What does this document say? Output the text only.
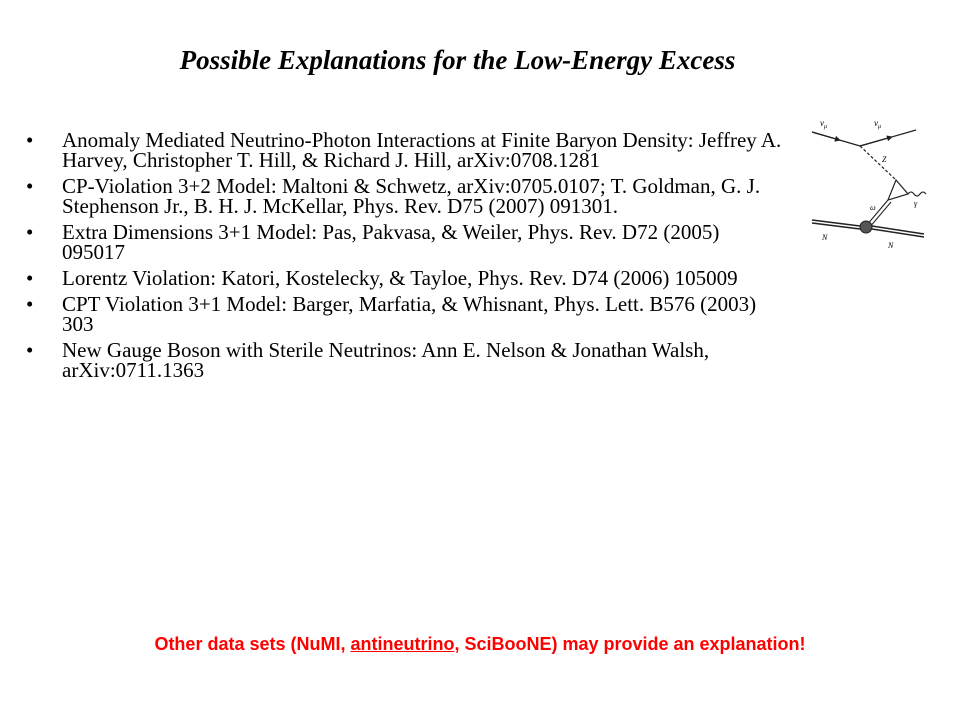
Possible Explanations for the Low-Energy Excess
•	Anomaly Mediated Neutrino-Photon Interactions at Finite Baryon Density: Jeffrey A. Harvey, Christopher T. Hill, & Richard J. Hill, arXiv:0708.1281
•	CP-Violation 3+2 Model: Maltoni & Schwetz, arXiv:0705.0107; T. Goldman, G. J. Stephenson Jr., B. H. J. McKellar, Phys. Rev. D75 (2007) 091301.
•	Extra Dimensions 3+1 Model: Pas, Pakvasa, & Weiler, Phys. Rev. D72 (2005) 095017
•	Lorentz Violation: Katori, Kostelecky, & Tayloe, Phys. Rev. D74 (2006) 105009
•	CPT Violation 3+1 Model: Barger, Marfatia, & Whisnant, Phys. Lett. B576 (2003) 303
•	New Gauge Boson with Sterile Neutrinos: Ann E. Nelson & Jonathan Walsh, arXiv:0711.1363
$\nu_\mu$	$\nu_\mu$
Z
ω	γ
N
N
Other data sets (NuMI, antineutrino, SciBooNE) may provide an explanation!
